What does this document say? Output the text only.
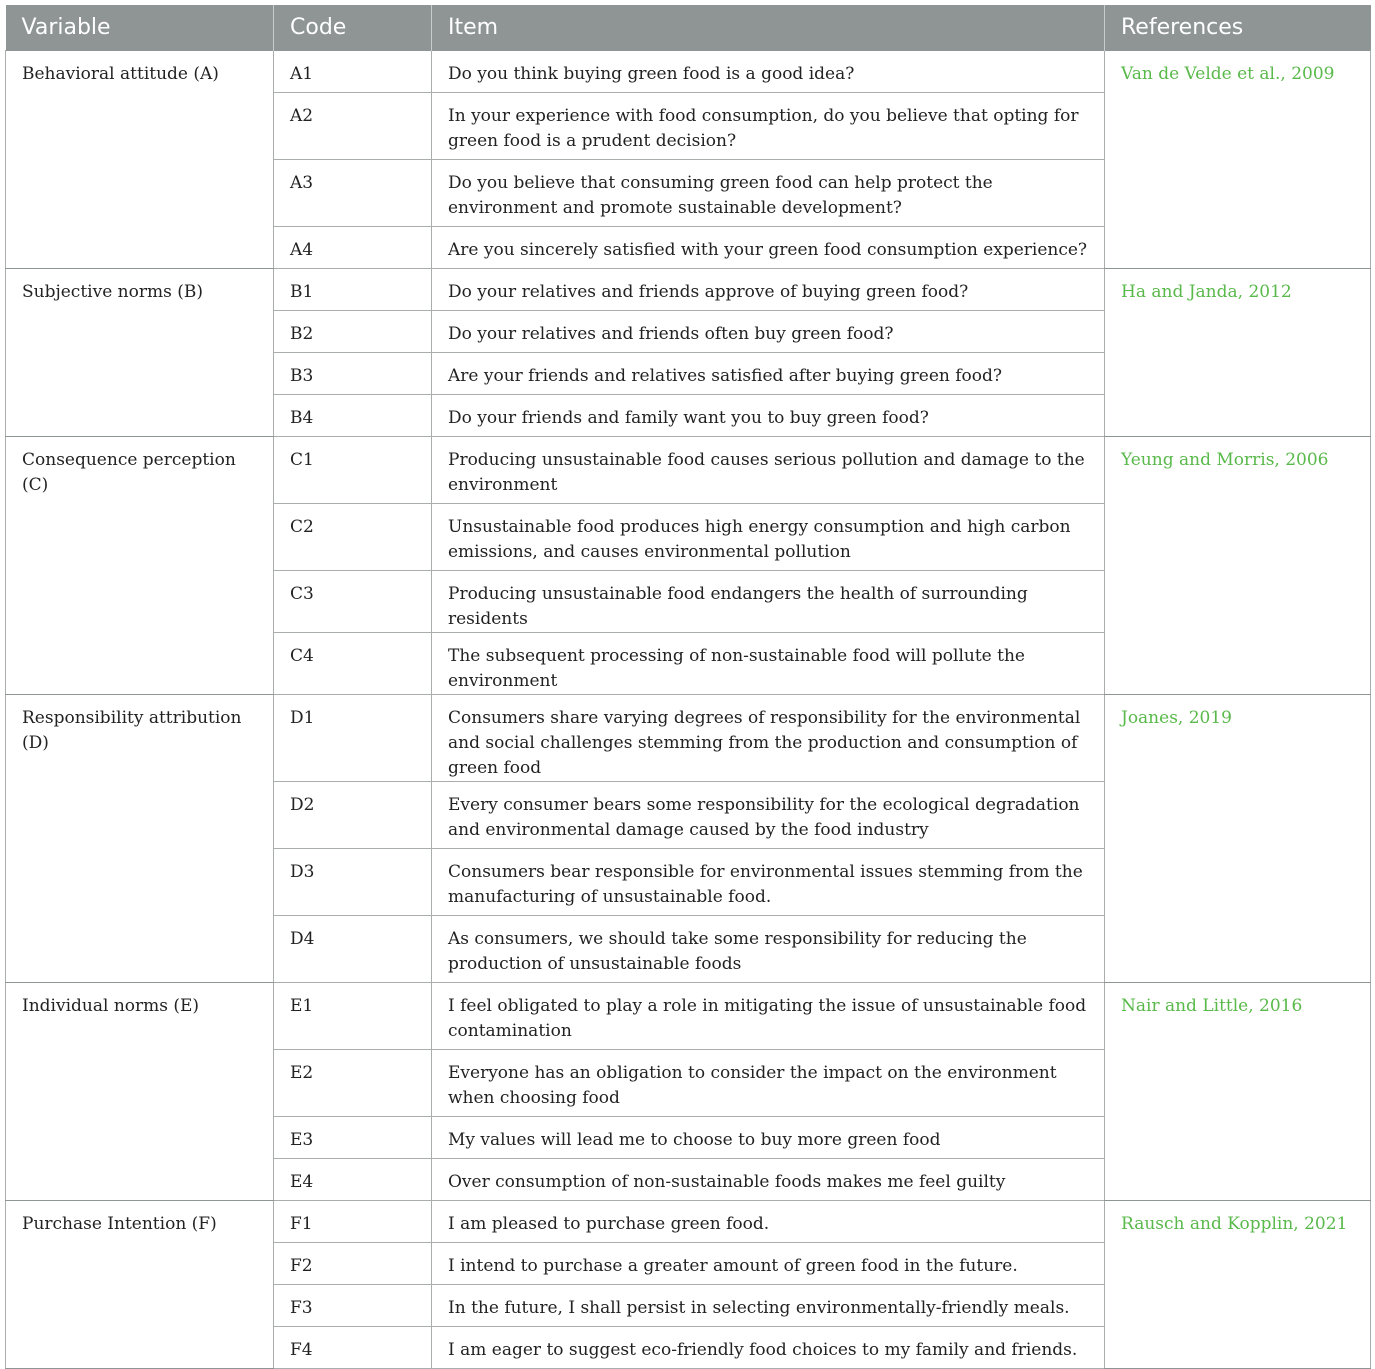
Variable	Code	Item	References
Behavioral attitude (A)	A1	Do you think buying green food is a good idea?	Van de Velde et al., 2009
	A2	In your experience with food consumption, do you believe that opting for green food is a prudent decision?	
	A3	Do you believe that consuming green food can help protect the environment and promote sustainable development?	
	A4	Are you sincerely satisfied with your green food consumption experience?	
Subjective norms (B)	B1	Do your relatives and friends approve of buying green food?	Ha and Janda, 2012
	B2	Do your relatives and friends often buy green food?	
	B3	Are your friends and relatives satisfied after buying green food?	
	B4	Do your friends and family want you to buy green food?	
Consequence perception (C)	C1	Producing unsustainable food causes serious pollution and damage to the environment	Yeung and Morris, 2006
	C2	Unsustainable food produces high energy consumption and high carbon emissions, and causes environmental pollution	
	C3	Producing unsustainable food endangers the health of surrounding residents	
	C4	The subsequent processing of non-sustainable food will pollute the environment	
Responsibility attribution (D)	D1	Consumers share varying degrees of responsibility for the environmental and social challenges stemming from the production and consumption of green food	Joanes, 2019
	D2	Every consumer bears some responsibility for the ecological degradation and environmental damage caused by the food industry	
	D3	Consumers bear responsible for environmental issues stemming from the manufacturing of unsustainable food.	
	D4	As consumers, we should take some responsibility for reducing the production of unsustainable foods	
Individual norms (E)	E1	I feel obligated to play a role in mitigating the issue of unsustainable food contamination	Nair and Little, 2016
	E2	Everyone has an obligation to consider the impact on the environment when choosing food	
	E3	My values will lead me to choose to buy more green food	
	E4	Over consumption of non-sustainable foods makes me feel guilty	
Purchase Intention (F)	F1	I am pleased to purchase green food.	Rausch and Kopplin, 2021
	F2	I intend to purchase a greater amount of green food in the future.	
	F3	In the future, I shall persist in selecting environmentally-friendly meals.	
	F4	I am eager to suggest eco-friendly food choices to my family and friends.	
